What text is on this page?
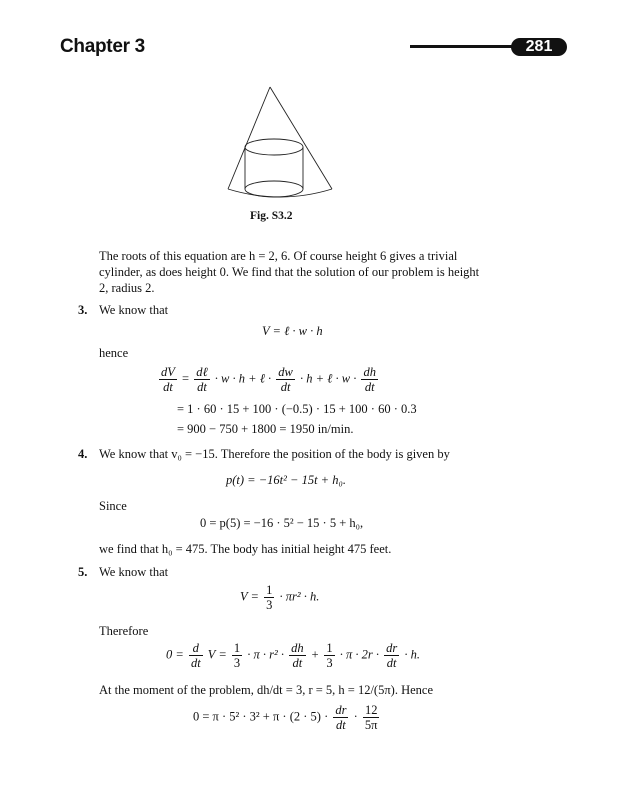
Chapter 3	281
Fig. S3.2
The roots of this equation are h = 2, 6. Of course height 6 gives a trivial
cylinder, as does height 0. We find that the solution of our problem is height
2, radius 2.
3. We know that
V = ℓ · w · h
hence
$\frac{dV}{dt} = \frac{\text{dℓ}}{dt} \cdot w \cdot h$ + ℓ · $\frac{dw}{dt} \cdot h$ + ℓ · $w \cdot \frac{dh}{dt}$
= 1 · 60 · 15 + 100 · (−0.5) · 15 + 100 · 60 · 0.3
= 900 − 750 + 1800 = 1950 in/min.
4. We know that v₀ = −15. Therefore the position of the body is given by
p(t) = −16t² − 15t + h₀.
Since
0 = p(5) = −16 · 5² − 15 · 5 + h₀,
we find that h₀ = 475. The body has initial height 475 feet.
5. We know that
$V = \frac{1}{3} \cdot \pi r^2 \cdot h$.
Therefore
$0 = \frac{d}{dt}$ $V = \frac{1}{3} \cdot \pi \cdot r^2 \cdot \frac{dh}{dt} + \frac{1}{3} \cdot \pi \cdot 2r \cdot \frac{dr}{dt} \cdot h$.
At the moment of the problem, dh/dt = 3, r = 5, h = 12/(5π). Hence
$0 = \pi \cdot 5^2 \cdot 3^2 + \pi \cdot (2 \cdot 5) \cdot \frac{dr}{dt} \cdot \frac{12}{5\pi}$
